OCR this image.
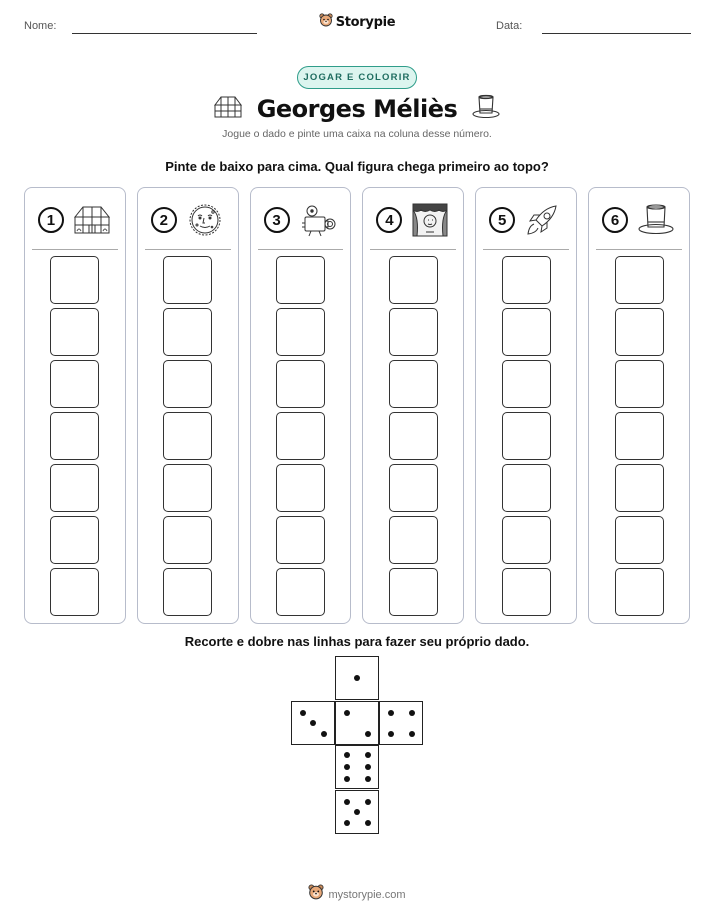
Nome:	Data:
Storypie
JOGAR E COLORIR
Georges Méliès
Jogue o dado e pinte uma caixa na coluna desse número.
Pinte de baixo para cima. Qual figura chega primeiro ao topo?
1	2	3	4	5	6
Recorte e dobre nas linhas para fazer seu próprio dado.
mystorypie.com
